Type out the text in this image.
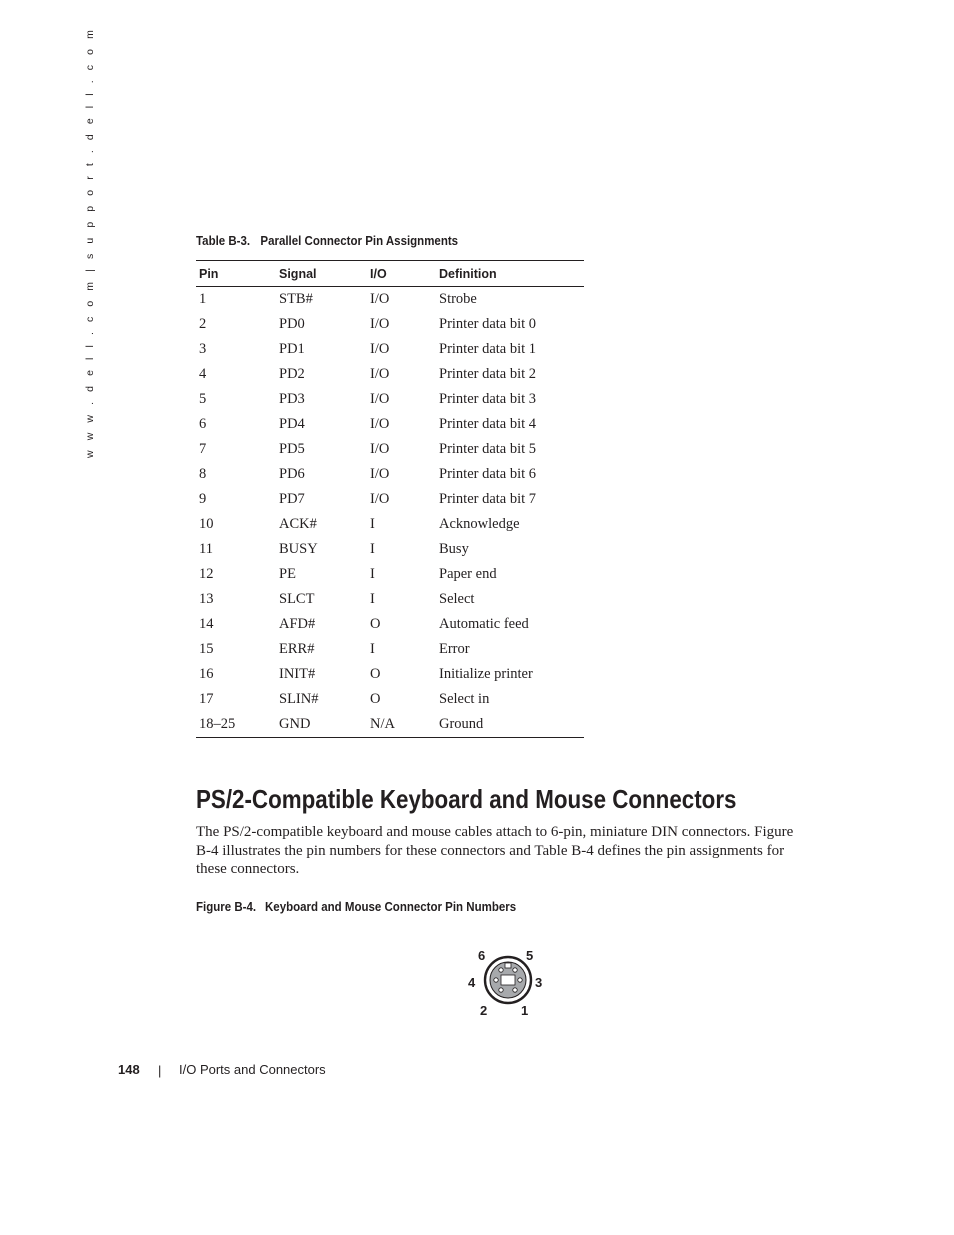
w w w . d e l l . c o m | s u p p o r t . d e l l . c o m	Table B-3. Parallel Connector Pin Assignments
Pin	Signal	I/O	Definition
1	STB#	I/O	Strobe
2	PD0	I/O	Printer data bit 0
3	PD1	I/O	Printer data bit 1
4	PD2	I/O	Printer data bit 2
5	PD3	I/O	Printer data bit 3
6	PD4	I/O	Printer data bit 4
7	PD5	I/O	Printer data bit 5
8	PD6	I/O	Printer data bit 6
9	PD7	I/O	Printer data bit 7
10	ACK#	I	Acknowledge
11	BUSY	I	Busy
12	PE	I	Paper end
13	SLCT	I	Select
14	AFD#	O	Automatic feed
15	ERR#	I	Error
16	INIT#	O	Initialize printer
17	SLIN#	O	Select in
18–25	GND	N/A	Ground
PS/2-Compatible Keyboard and Mouse Connectors

The PS/2-compatible keyboard and mouse cables attach to 6-pin, miniature DIN connectors. Figure B-4 illustrates the pin numbers for these connectors and Table B-4 defines the pin assignments for these connectors.

Figure B-4. Keyboard and Mouse Connector Pin Numbers
6	5
4	3
2	1
148 | I/O Ports and Connectors
